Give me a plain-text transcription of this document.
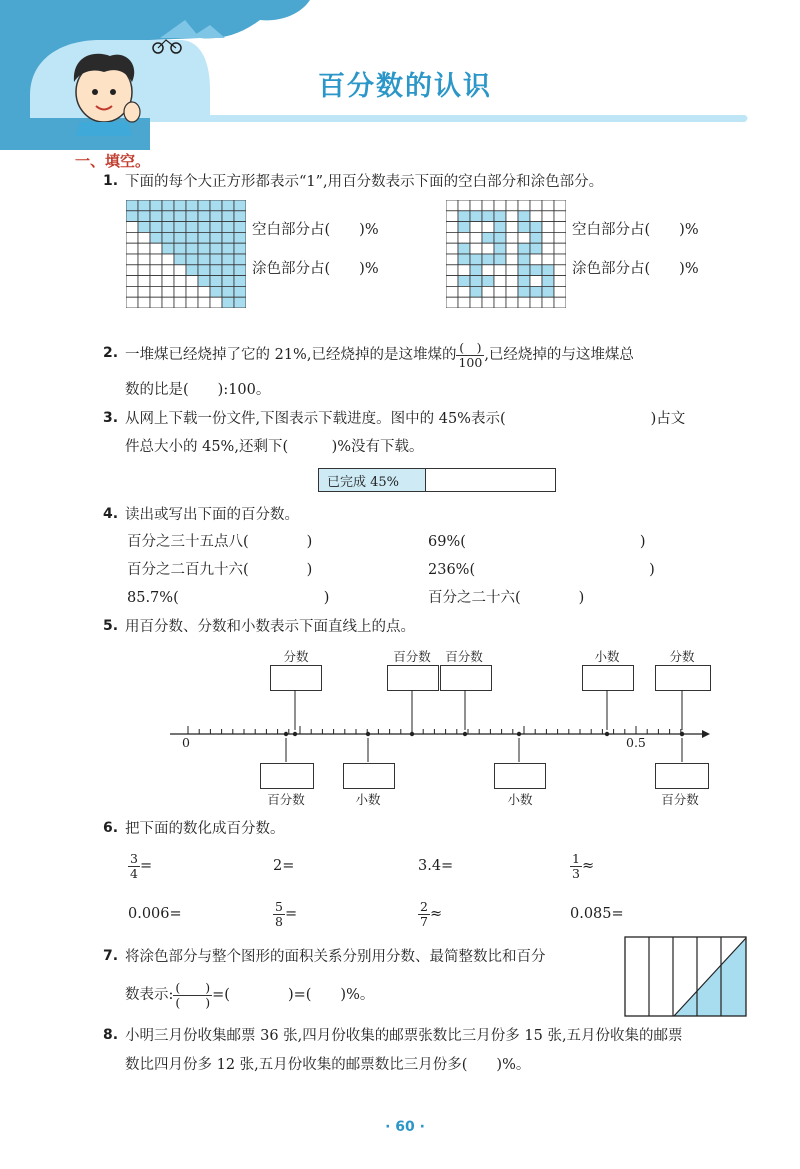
百分数的认识
一、填空。
1. 下面的每个大正方形都表示“1”,用百分数表示下面的空白部分和涂色部分。
空白部分占(　　)%
涂色部分占(　　)%
空白部分占(　　)%
涂色部分占(　　)%
2. 一堆煤已经烧掉了它的 21%,已经烧掉的是这堆煤的 $\frac{( )}{100}$ ,已经烧掉的与这堆煤总
数的比是(　　):100。
3. 从网上下载一份文件,下图表示下载进度。图中的 45%表示(　　　　　　　　　　)占文
件总大小的 45%,还剩下(　　　)%没有下载。
已完成 45%
4. 读出或写出下面的百分数。
百分之三十五点八(　　　　)	69%(　　　　　　　　　　　　)
百分之二百九十六(　　　　)	236%(　　　　　　　　　　　　)
85.7%(　　　　　　　　　　)	百分之二十六(　　　　)
5. 用百分数、分数和小数表示下面直线上的点。
分数	百分数	百分数	小数	分数
0	0.5
百分数	小数	小数	百分数
6. 把下面的数化成百分数。
$\frac{3}{4}$ =	2=	3.4=	$\frac{1}{3}$ ≈
0.006=	$\frac{5}{8}$ =	$\frac{2}{7}$ ≈	0.085=
7. 将涂色部分与整个图形的面积关系分别用分数、最简整数比和百分
数表示: $\frac{( )}{( )}$ =(　　　　)=(　　)%。
8. 小明三月份收集邮票 36 张,四月份收集的邮票张数比三月份多 15 张,五月份收集的邮票
数比四月份多 12 张,五月份收集的邮票数比三月份多(　　)%。
· 60 ·
